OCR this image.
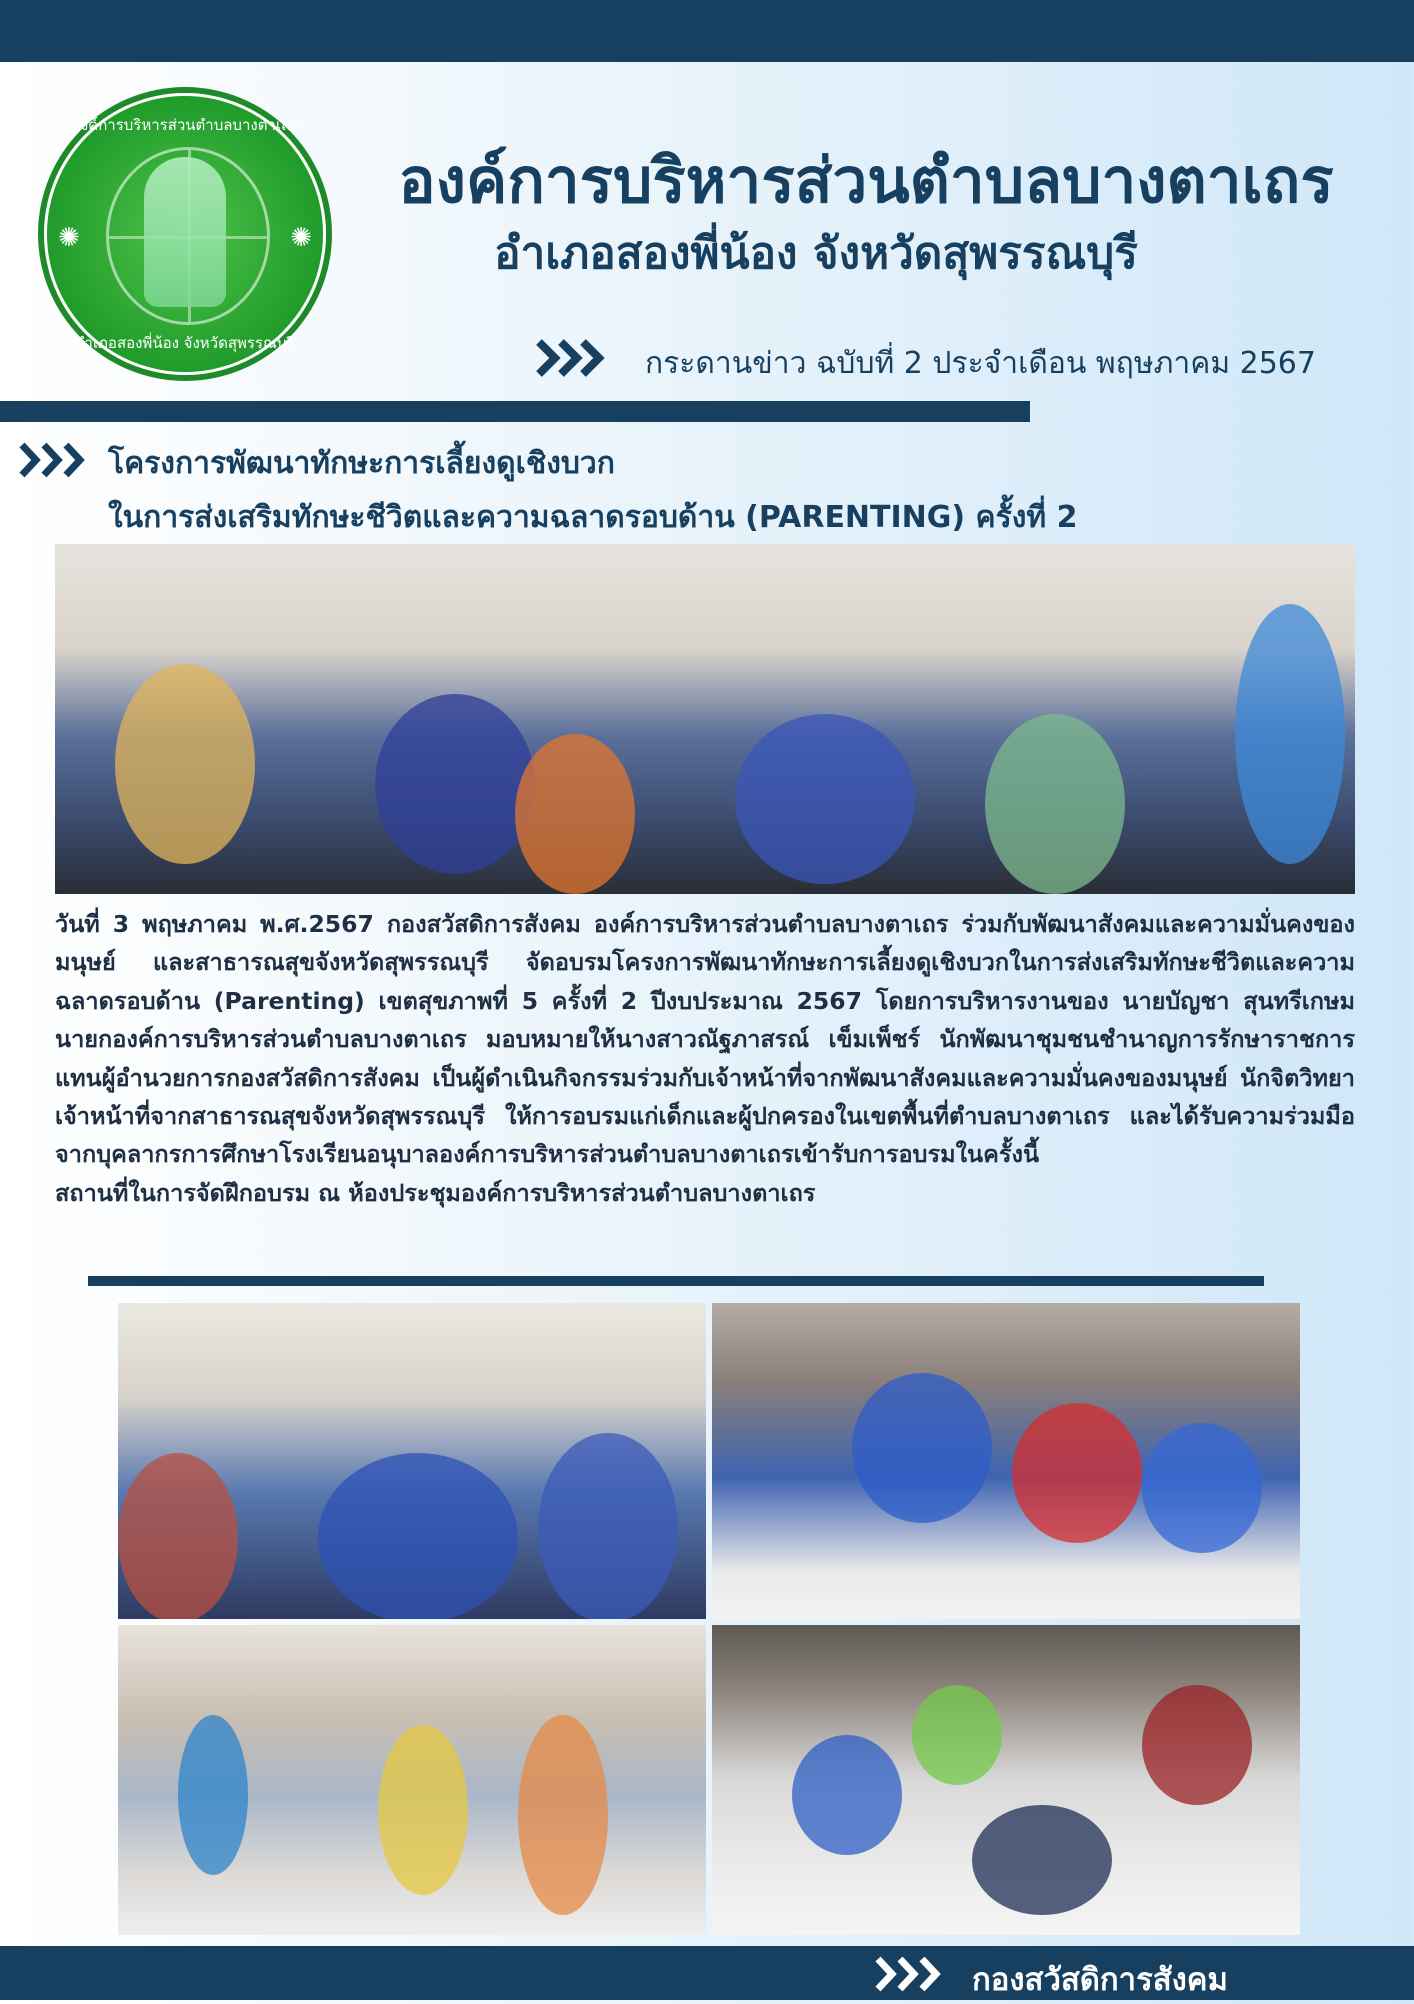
องค์การบริหารส่วนตำบลบางตาเถร
✺	✺
อำเภอสองพี่น้อง จังหวัดสุพรรณบุรี
องค์การบริหารส่วนตำบลบางตาเถร
อำเภอสองพี่น้อง จังหวัดสุพรรณบุรี
กระดานข่าว ฉบับที่ 2 ประจำเดือน พฤษภาคม 2567
โครงการพัฒนาทักษะการเลี้ยงดูเชิงบวก
ในการส่งเสริมทักษะชีวิตและความฉลาดรอบด้าน (PARENTING) ครั้งที่ 2

วันที่ 3 พฤษภาคม พ.ศ.2567 กองสวัสดิการสังคม องค์การบริหารส่วนตำบลบางตาเถร ร่วมกับพัฒนาสังคมและความมั่นคงของมนุษย์ และสาธารณสุขจังหวัดสุพรรณบุรี จัดอบรมโครงการพัฒนาทักษะการเลี้ยงดูเชิงบวกในการส่งเสริมทักษะชีวิตและความฉลาดรอบด้าน (Parenting) เขตสุขภาพที่ 5 ครั้งที่ 2 ปีงบประมาณ 2567 โดยการบริหารงานของ นายบัญชา สุนทรีเกษม นายกองค์การบริหารส่วนตำบลบางตาเถร มอบหมายให้นางสาวณัฐภาสรณ์ เข็มเพ็ชร์ นักพัฒนาชุมชนชำนาญการรักษาราชการแทนผู้อำนวยการกองสวัสดิการสังคม เป็นผู้ดำเนินกิจกรรมร่วมกับเจ้าหน้าที่จากพัฒนาสังคมและความมั่นคงของมนุษย์ นักจิตวิทยา เจ้าหน้าที่จากสาธารณสุขจังหวัดสุพรรณบุรี ให้การอบรมแก่เด็กและผู้ปกครองในเขตพื้นที่ตำบลบางตาเถร และได้รับความร่วมมือจากบุคลากรการศึกษาโรงเรียนอนุบาลองค์การบริหารส่วนตำบลบางตาเถรเข้ารับการอบรมในครั้งนี้

สถานที่ในการจัดฝึกอบรม ณ ห้องประชุมองค์การบริหารส่วนตำบลบางตาเถร

กองสวัสดิการสังคม
